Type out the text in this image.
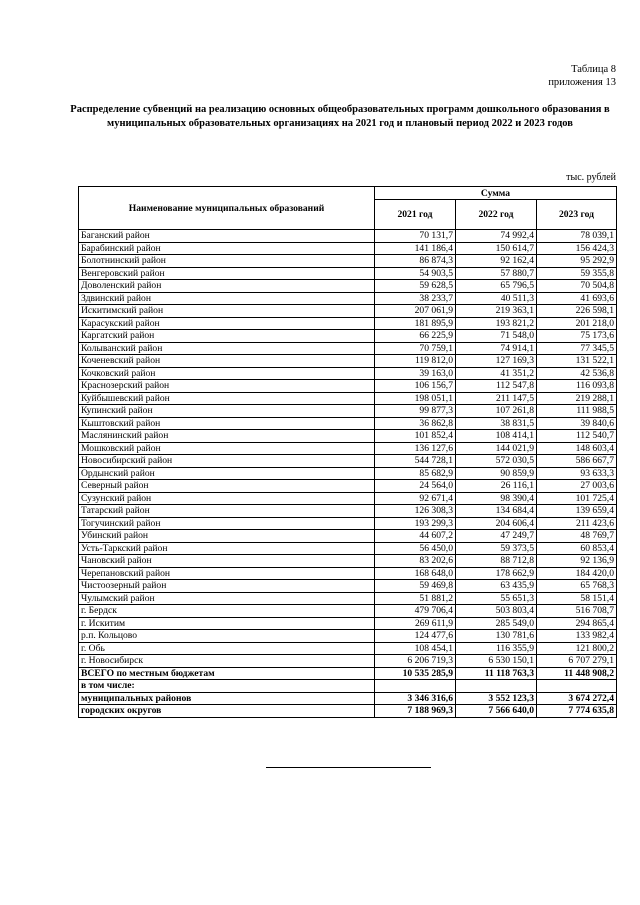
Таблица 8
приложения 13
Распределение субвенций на реализацию основных общеобразовательных программ дошкольного образования в муниципальных образовательных организациях на 2021 год и плановый период 2022 и 2023 годов
тыс. рублей
Наименование муниципальных образований	Сумма		
	2021 год	2022 год	2023 год
Баганский район	70 131,7	74 992,4	78 039,1
Барабинский район	141 186,4	150 614,7	156 424,3
Болотнинский район	86 874,3	92 162,4	95 292,9
Венгеровский район	54 903,5	57 880,7	59 355,8
Доволенский район	59 628,5	65 796,5	70 504,8
Здвинский район	38 233,7	40 511,3	41 693,6
Искитимский район	207 061,9	219 363,1	226 598,1
Карасукский район	181 895,9	193 821,2	201 218,0
Каргатский район	66 225,9	71 548,0	75 173,6
Колыванский район	70 759,1	74 914,1	77 345,5
Коченевский район	119 812,0	127 169,3	131 522,1
Кочковский район	39 163,0	41 351,2	42 536,8
Краснозерский район	106 156,7	112 547,8	116 093,8
Куйбышевский район	198 051,1	211 147,5	219 288,1
Купинский район	99 877,3	107 261,8	111 988,5
Кыштовский район	36 862,8	38 831,5	39 840,6
Маслянинский район	101 852,4	108 414,1	112 540,7
Мошковский район	136 127,6	144 021,9	148 603,4
Новосибирский район	544 728,1	572 030,5	586 667,7
Ордынский район	85 682,9	90 859,9	93 633,3
Северный район	24 564,0	26 116,1	27 003,6
Сузунский район	92 671,4	98 390,4	101 725,4
Татарский район	126 308,3	134 684,4	139 659,4
Тогучинский район	193 299,3	204 606,4	211 423,6
Убинский район	44 607,2	47 249,7	48 769,7
Усть-Таркский район	56 450,0	59 373,5	60 853,4
Чановский район	83 202,6	88 712,8	92 136,9
Черепановский район	168 648,0	178 662,9	184 420,0
Чистоозерный район	59 469,8	63 435,9	65 768,3
Чулымский район	51 881,2	55 651,3	58 151,4
г. Бердск	479 706,4	503 803,4	516 708,7
г. Искитим	269 611,9	285 549,0	294 865,4
р.п. Кольцово	124 477,6	130 781,6	133 982,4
г. Обь	108 454,1	116 355,9	121 800,2
г. Новосибирск	6 206 719,3	6 530 150,1	6 707 279,1
ВСЕГО по местным бюджетам	10 535 285,9	11 118 763,3	11 448 908,2
в том числе:			
муниципальных районов	3 346 316,6	3 552 123,3	3 674 272,4
городских округов	7 188 969,3	7 566 640,0	7 774 635,8
